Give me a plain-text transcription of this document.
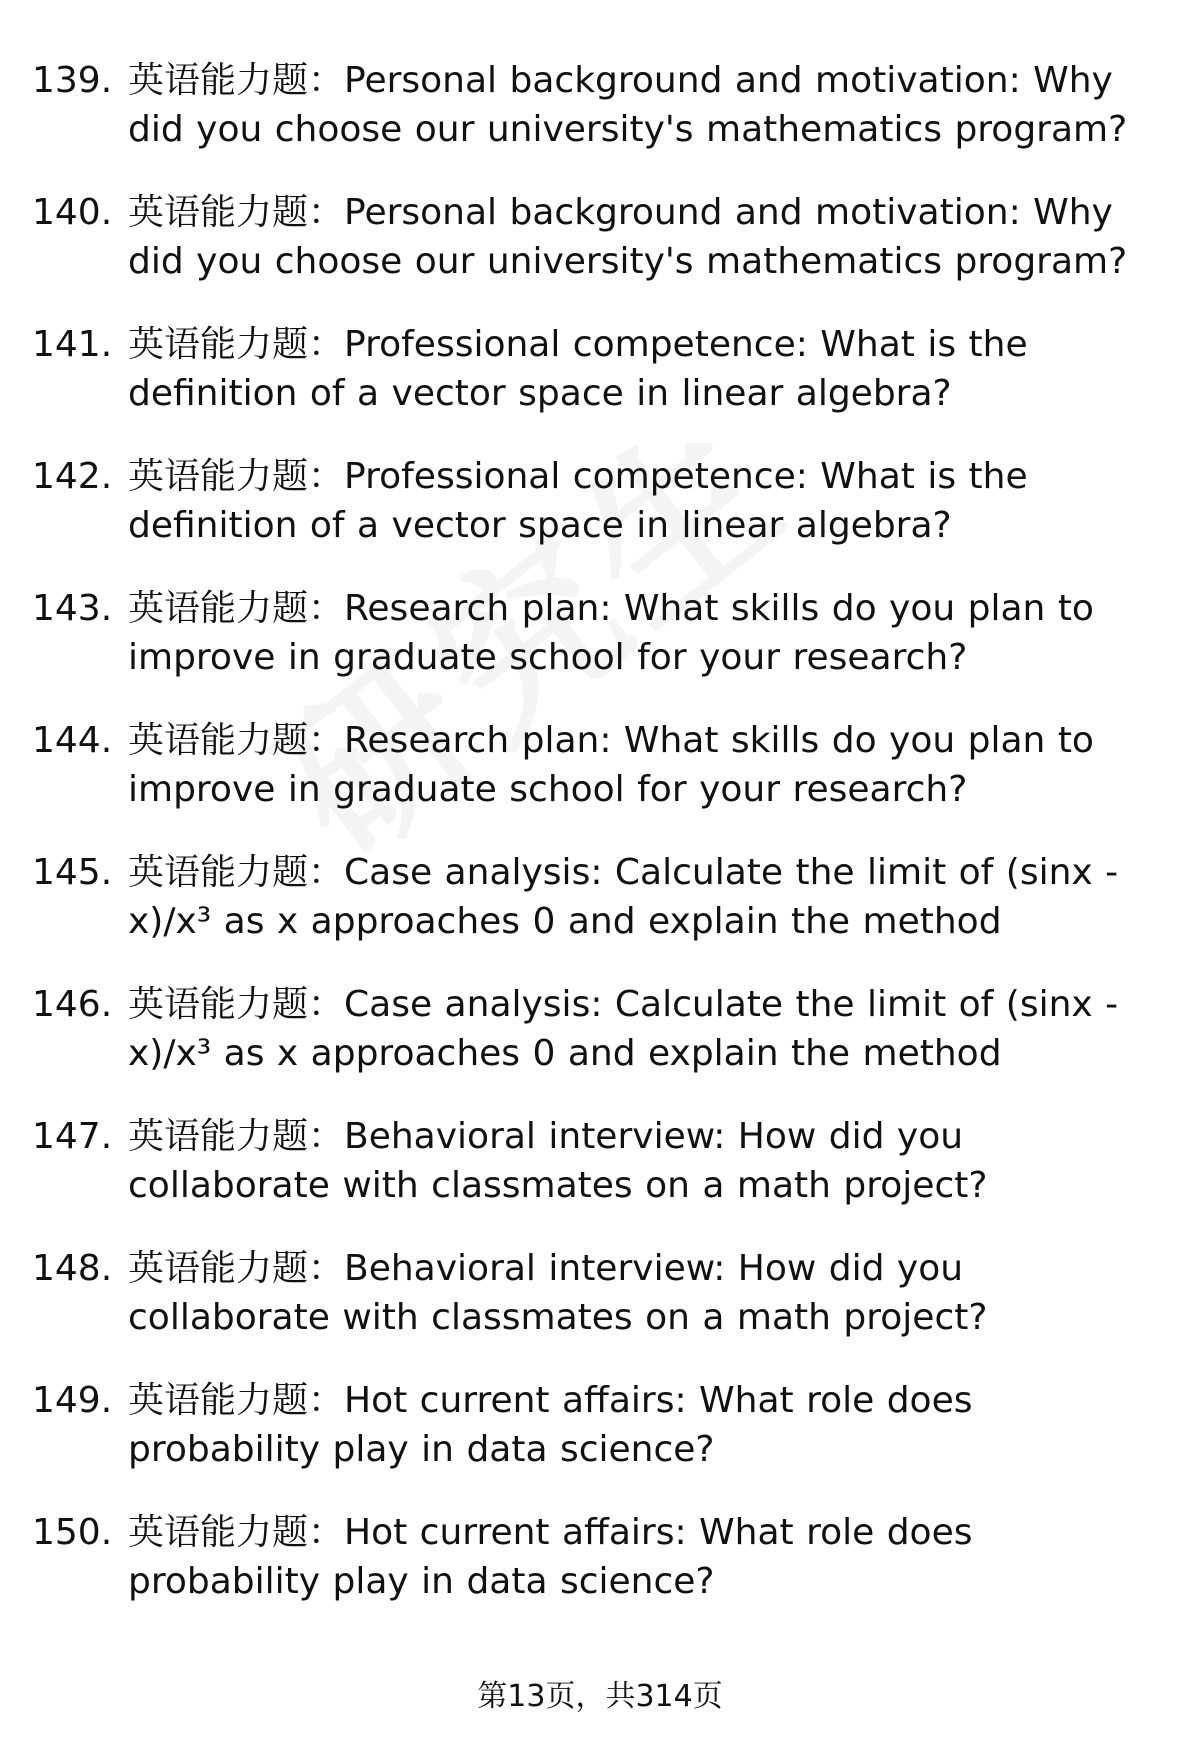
139. 英语能力题：Personal background and motivation: Why did you choose our university's mathematics program?

140. 英语能力题：Personal background and motivation: Why did you choose our university's mathematics program?

141. 英语能力题：Professional competence: What is the definition of a vector space in linear algebra?

142. 英语能力题：Professional competence: What is the definition of a vector space in linear algebra?

143. 英语能力题：Research plan: What skills do you plan to improve in graduate school for your research?

144. 英语能力题：Research plan: What skills do you plan to improve in graduate school for your research?

145. 英语能力题：Case analysis: Calculate the limit of (sinx - x)/x³ as x approaches 0 and explain the method

146. 英语能力题：Case analysis: Calculate the limit of (sinx - x)/x³ as x approaches 0 and explain the method

147. 英语能力题：Behavioral interview: How did you collaborate with classmates on a math project?

148. 英语能力题：Behavioral interview: How did you collaborate with classmates on a math project?

149. 英语能力题：Hot current affairs: What role does probability play in data science?

150. 英语能力题：Hot current affairs: What role does probability play in data science?

第13页，共314页
